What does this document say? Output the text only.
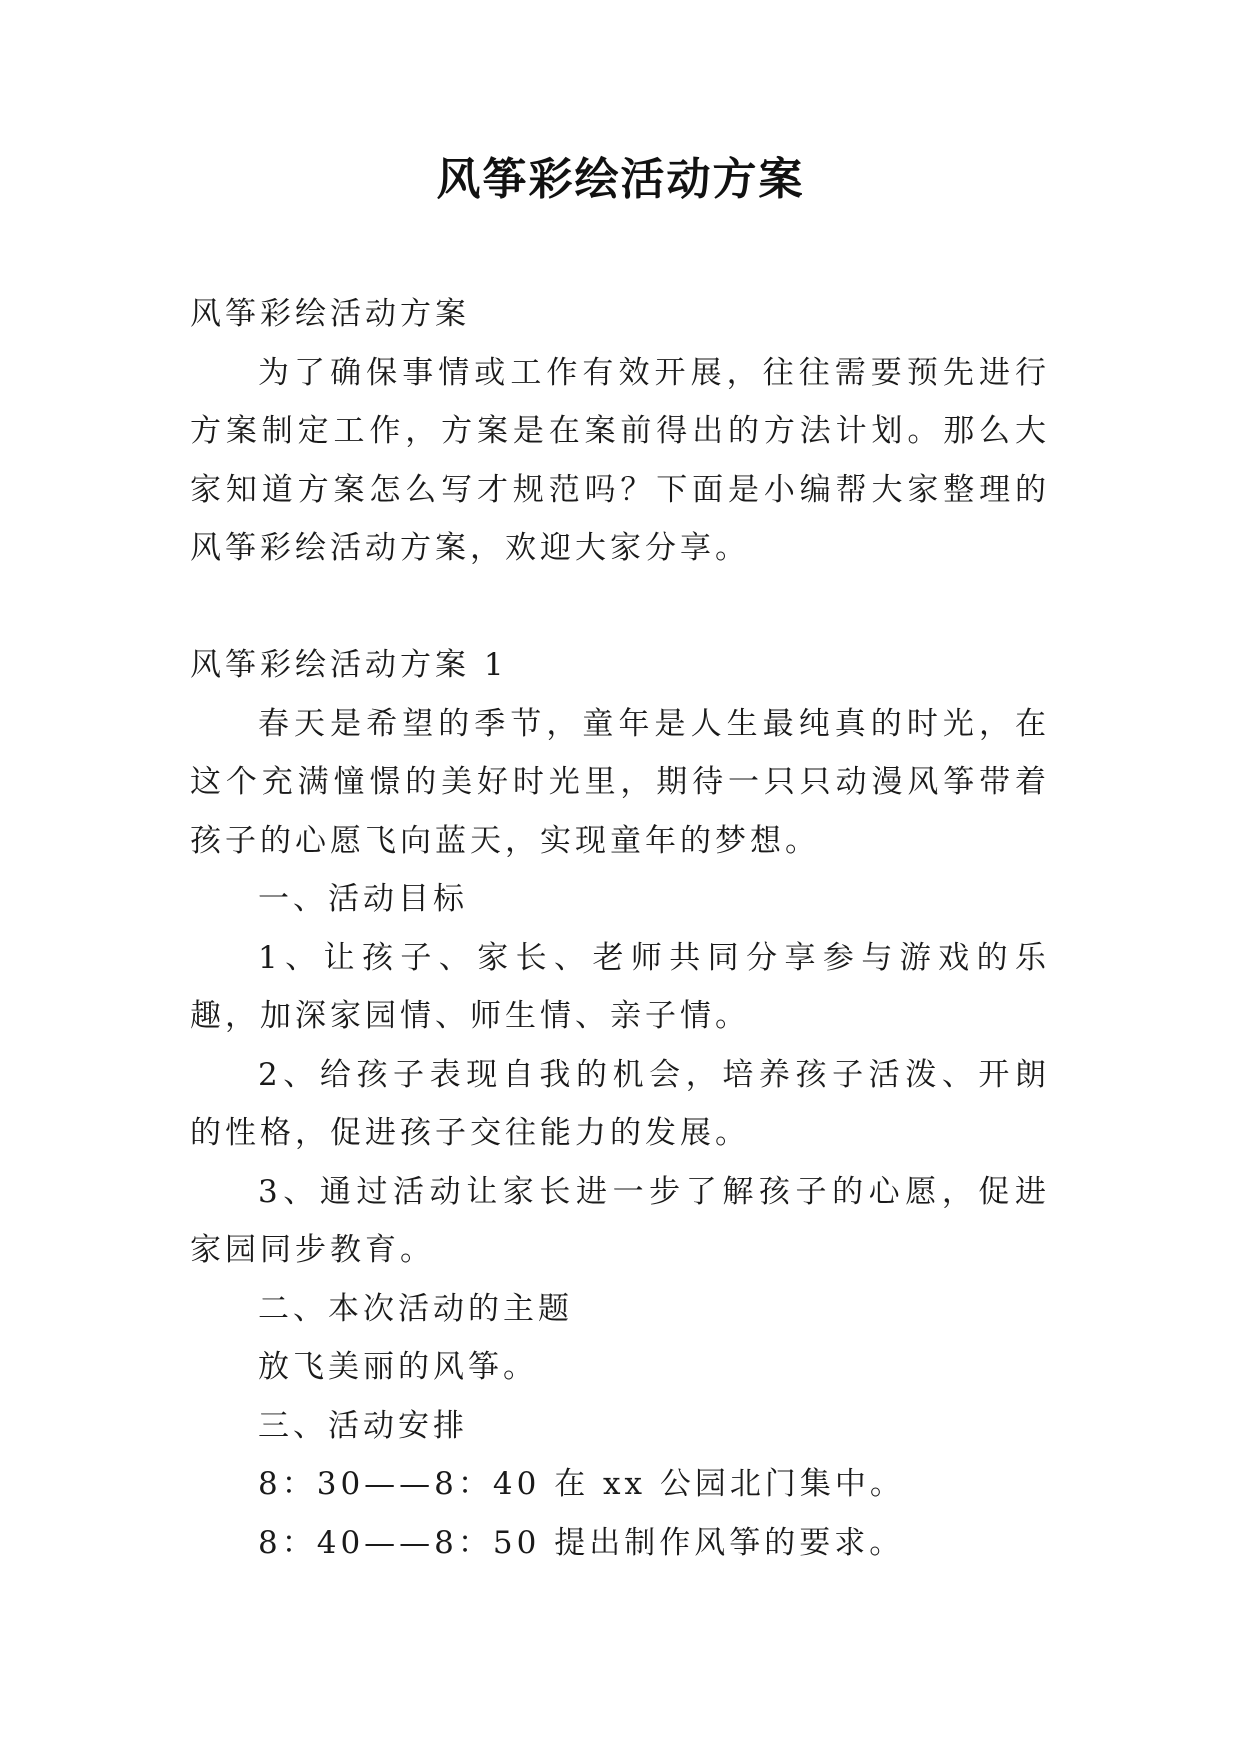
风筝彩绘活动方案

风筝彩绘活动方案

为了确保事情或工作有效开展，往往需要预先进行方案制定工作，方案是在案前得出的方法计划。那么大家知道方案怎么写才规范吗？下面是小编帮大家整理的风筝彩绘活动方案，欢迎大家分享。

风筝彩绘活动方案 1

春天是希望的季节，童年是人生最纯真的时光，在这个充满憧憬的美好时光里，期待一只只动漫风筝带着孩子的心愿飞向蓝天，实现童年的梦想。

一、活动目标

1、让孩子、家长、老师共同分享参与游戏的乐趣，加深家园情、师生情、亲子情。

2、给孩子表现自我的机会，培养孩子活泼、开朗的性格，促进孩子交往能力的发展。

3、通过活动让家长进一步了解孩子的心愿，促进家园同步教育。

二、本次活动的主题

放飞美丽的风筝。

三、活动安排

8：30——8：40 在 xx 公园北门集中。

8：40——8：50 提出制作风筝的要求。
